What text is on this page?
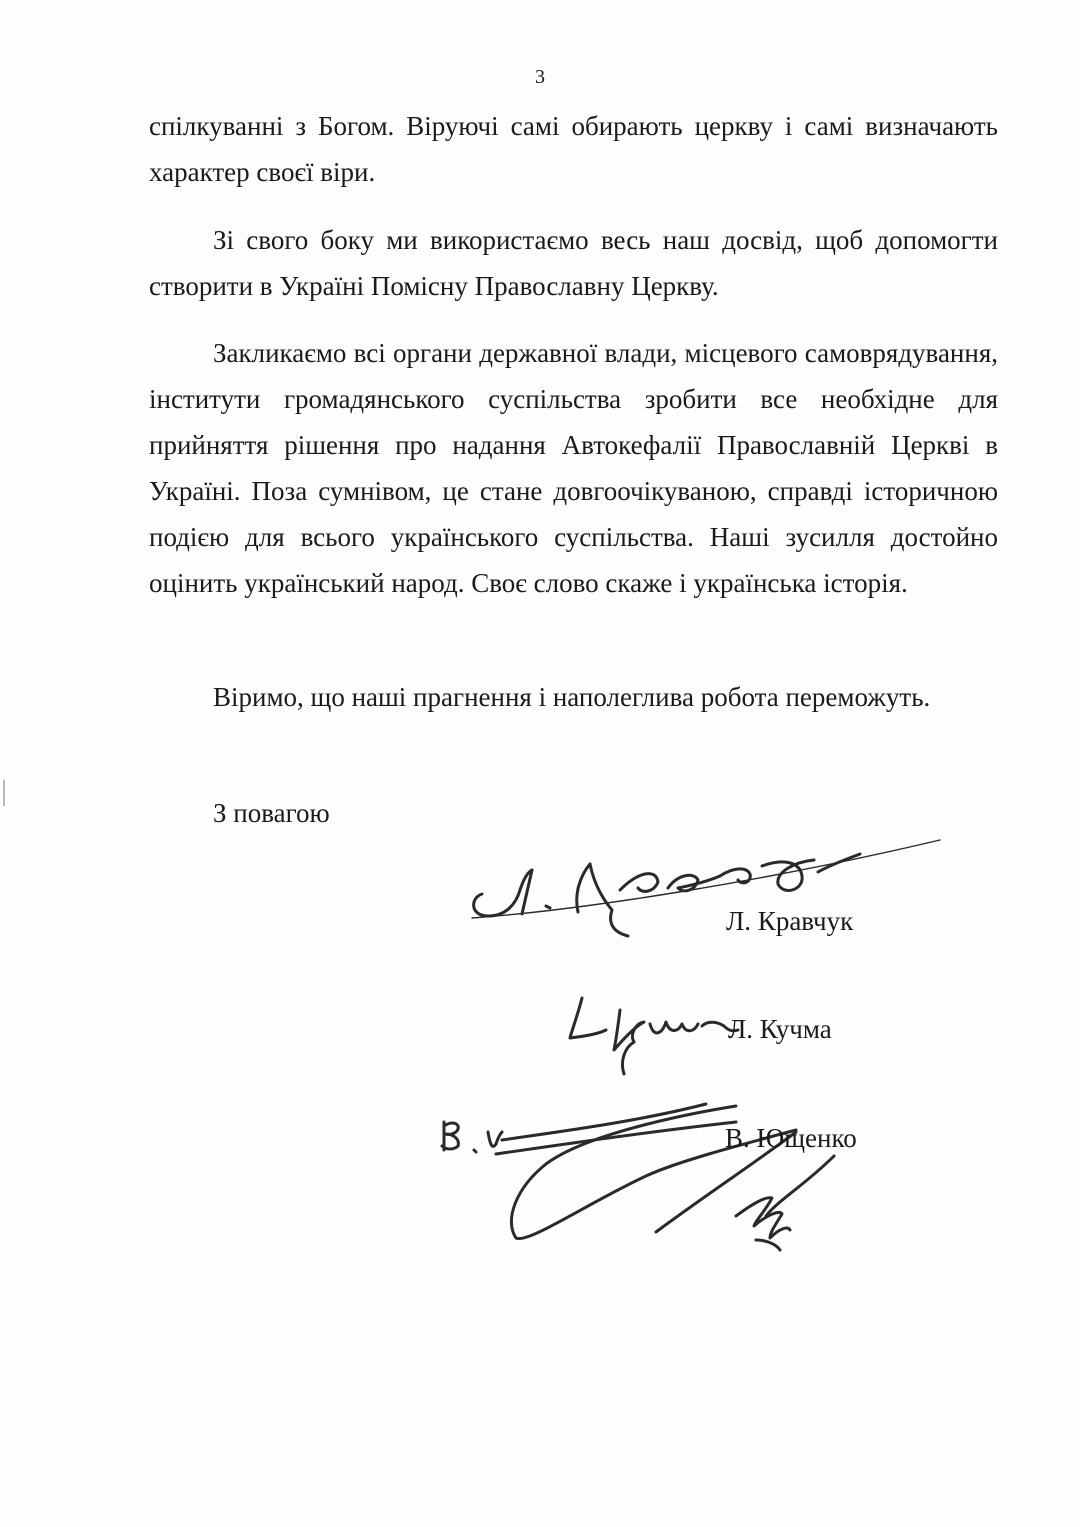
3

спілкуванні з Богом. Віруючі самі обирають церкву і самі визначають характер своєї віри.

Зі свого боку ми використаємо весь наш досвід, щоб допомогти створити в Україні Помісну Православну Церкву.

Закликаємо всі органи державної влади, місцевого самоврядування, інститути громадянського суспільства зробити все необхідне для прийняття рішення про надання Автокефалії Православній Церкві в Україні. Поза сумнівом, це стане довгоочікуваною, справді історичною подією для всього українського суспільства. Наші зусилля достойно оцінить український народ. Своє слово скаже і українська історія.

Віримо, що наші прагнення і наполеглива робота переможуть.

З повагою
Л. Кравчук
Л. Кучма
В. Ющенко
